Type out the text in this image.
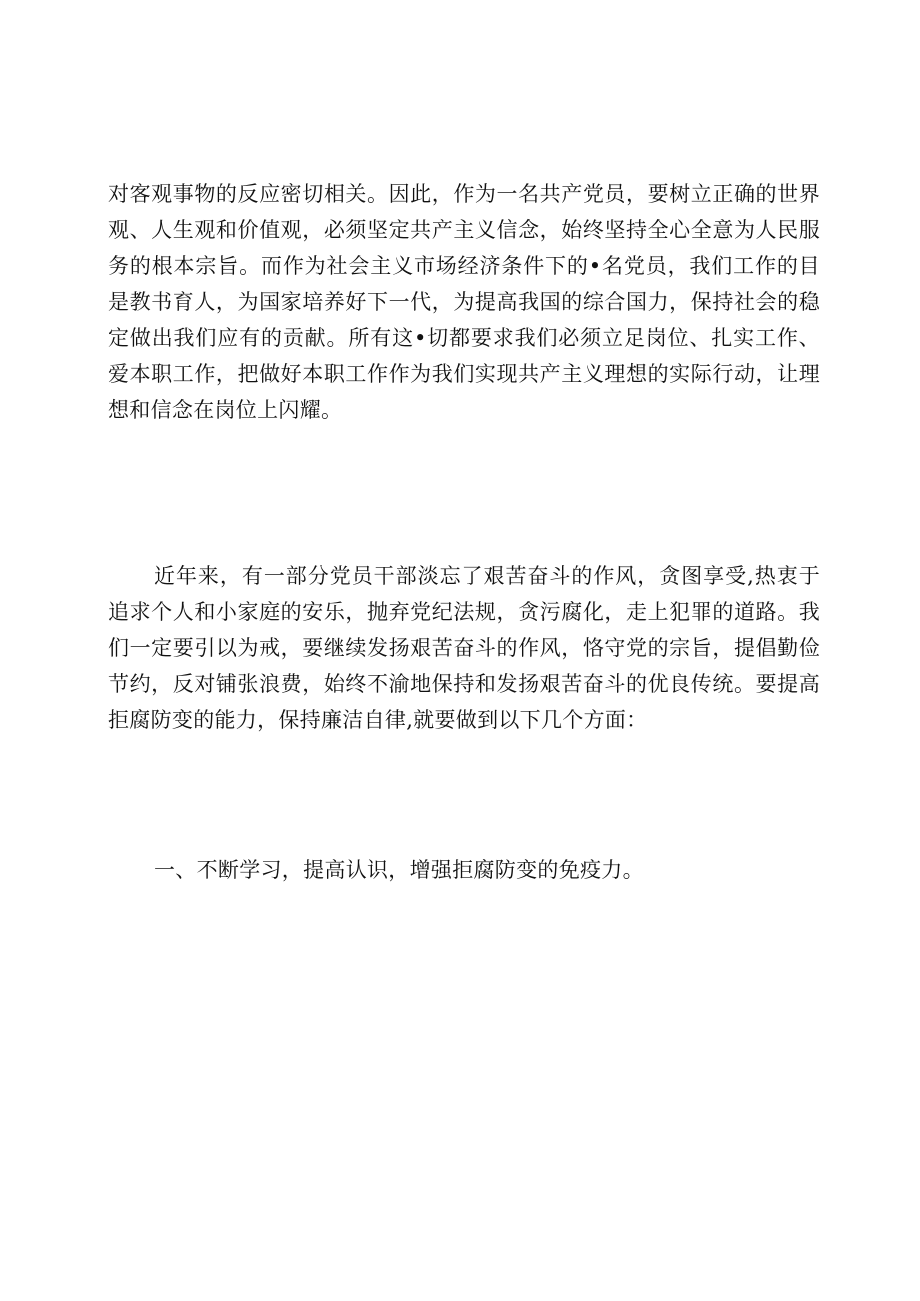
对客观事物的反应密切相关。因此，作为一名共产党员，要树立正确的世界
观、人生观和价值观，必须坚定共产主义信念，始终坚持全心全意为人民服
务的根本宗旨。而作为社会主义市场经济条件下的•名党员，我们工作的目
是教书育人，为国家培养好下一代，为提高我国的综合国力，保持社会的稳
定做出我们应有的贡献。所有这•切都要求我们必须立足岗位、扎实工作、
爱本职工作，把做好本职工作作为我们实现共产主义理想的实际行动，让理
想和信念在岗位上闪耀。
近年来，有一部分党员干部淡忘了艰苦奋斗的作风，贪图享受,热衷于
追求个人和小家庭的安乐，抛弃党纪法规，贪污腐化，走上犯罪的道路。我
们一定要引以为戒，要继续发扬艰苦奋斗的作风，恪守党的宗旨，提倡勤俭
节约，反对铺张浪费，始终不渝地保持和发扬艰苦奋斗的优良传统。要提高
拒腐防变的能力，保持廉洁自律,就要做到以下几个方面：
一、不断学习，提高认识，增强拒腐防变的免疫力。
